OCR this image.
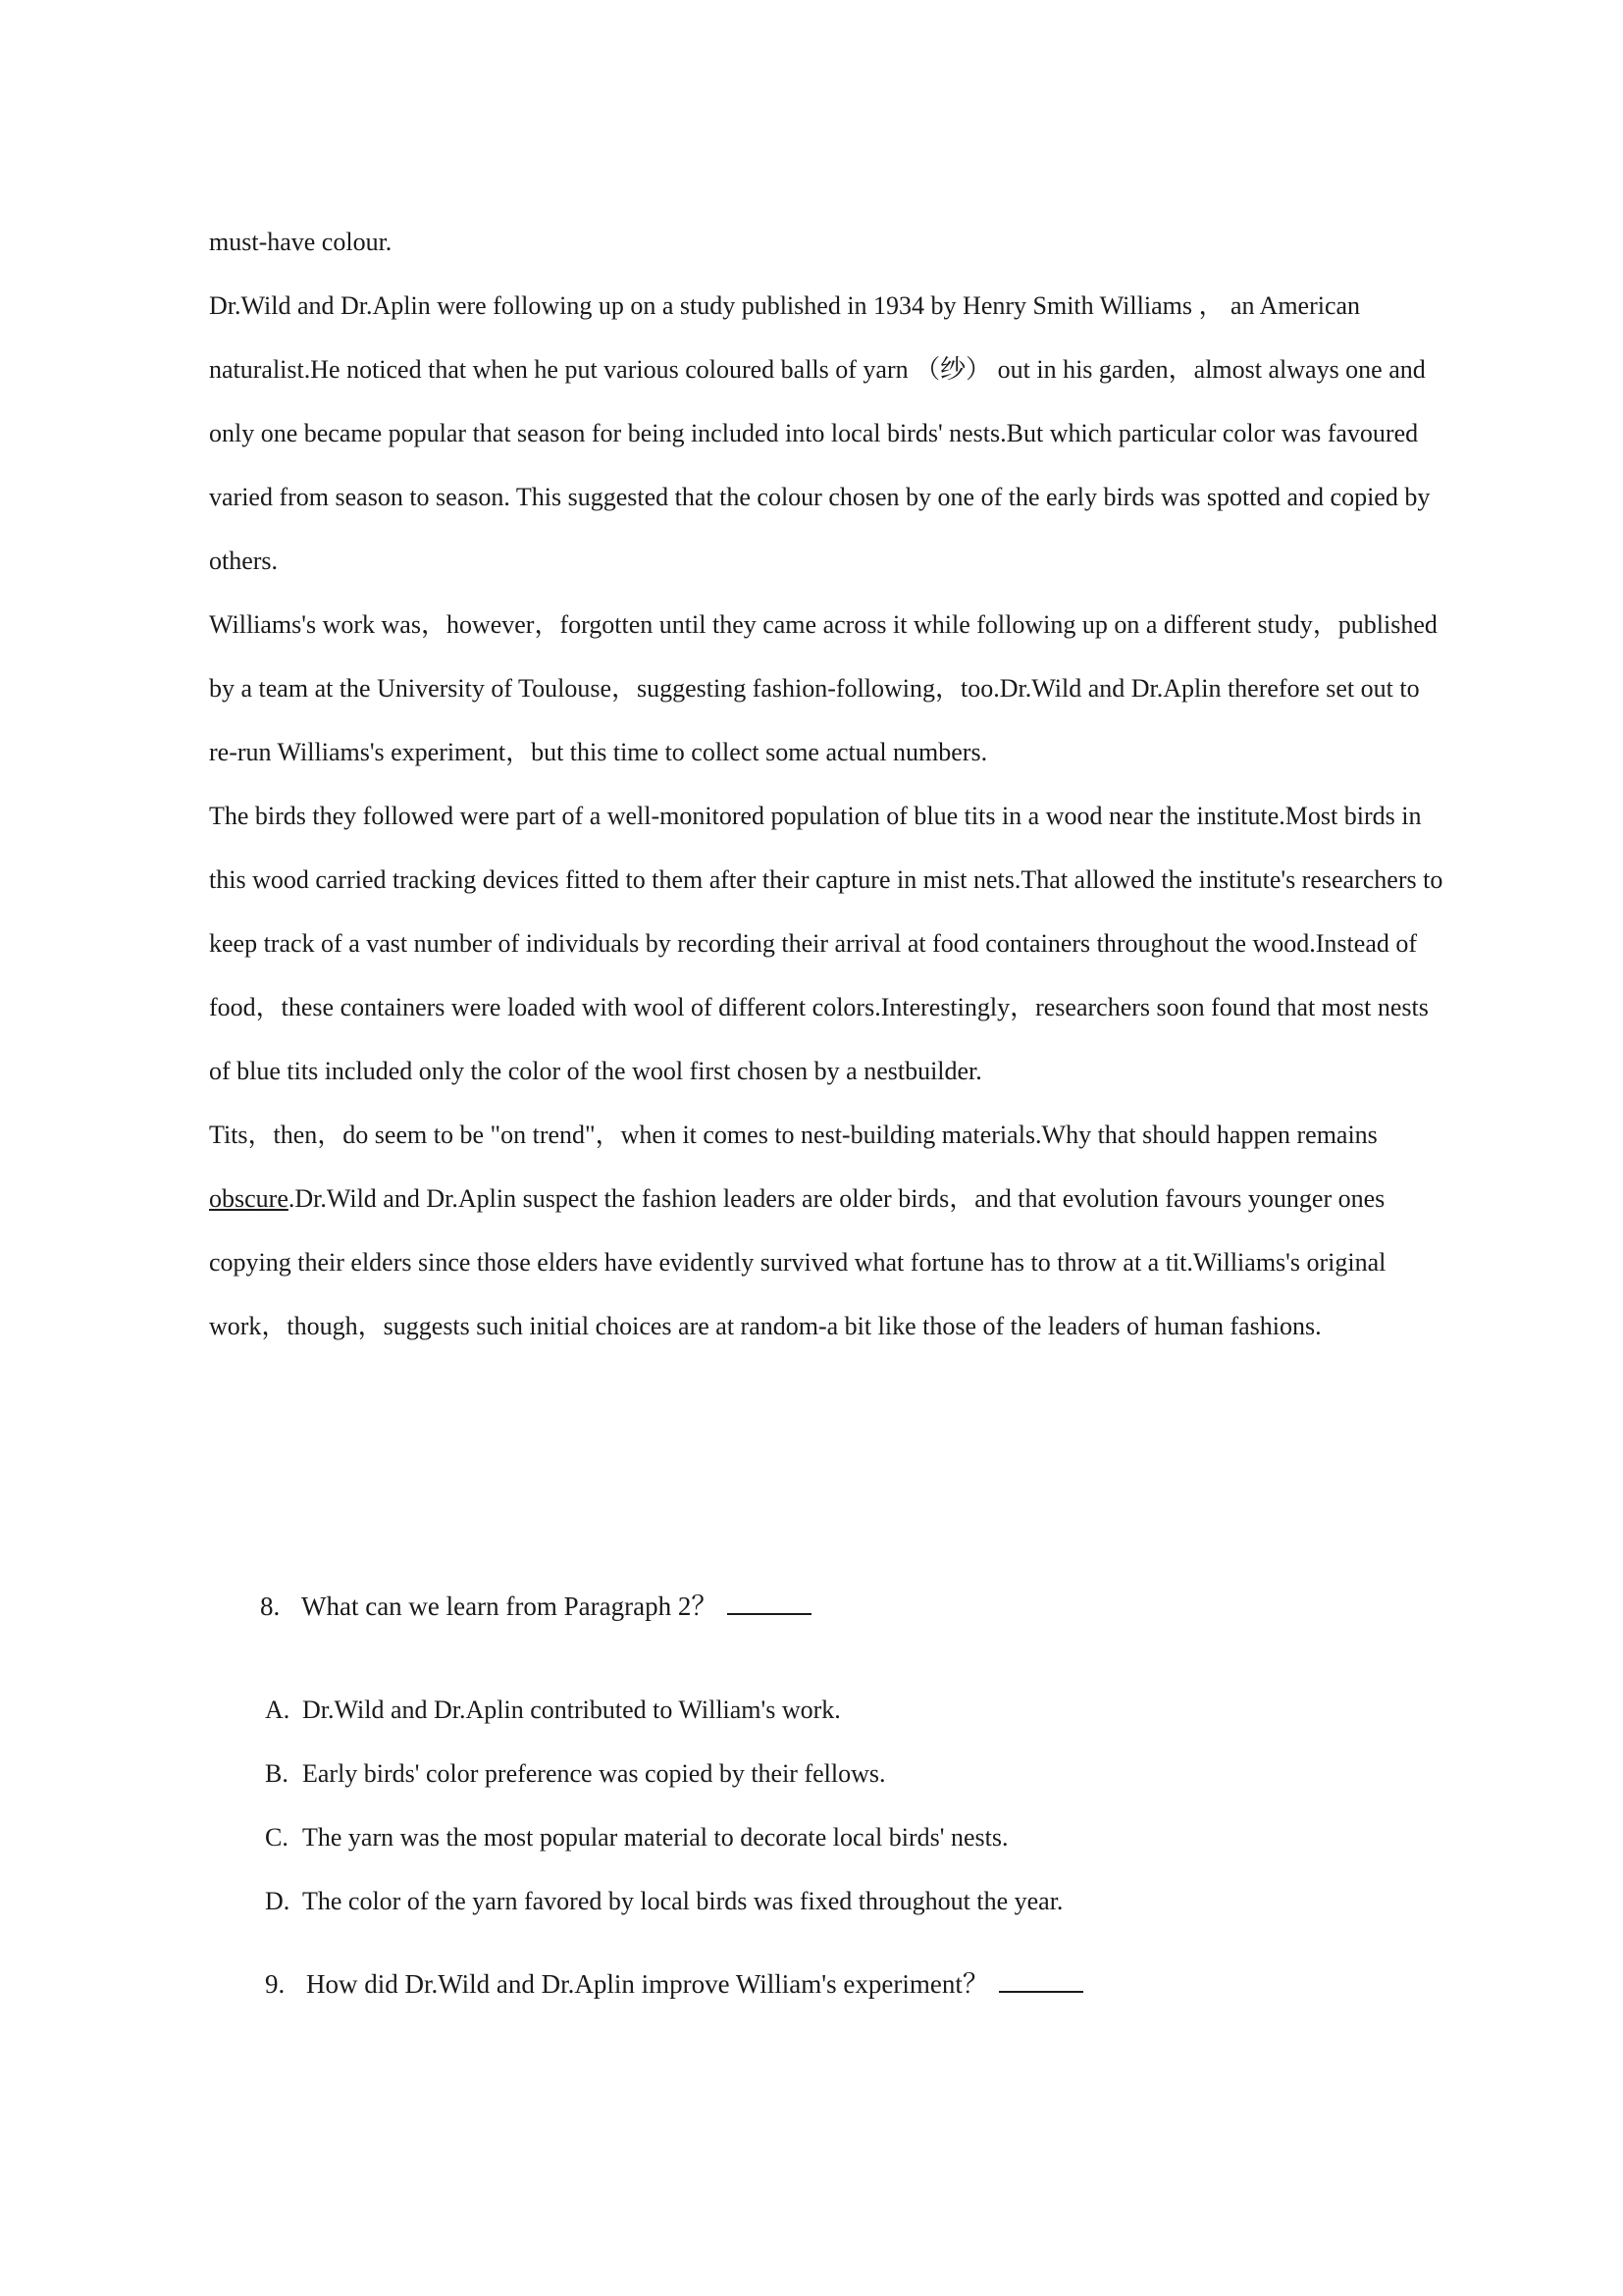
must-have colour.

Dr.Wild and Dr.Aplin were following up on a study published in 1934 by Henry Smith Williams ， an American naturalist.He noticed that when he put various coloured balls of yarn （纱） out in his garden，almost always one and only one became popular that season for being included into local birds' nests.But which particular color was favoured varied from season to season. This suggested that the colour chosen by one of the early birds was spotted and copied by others.

Williams's work was，however，forgotten until they came across it while following up on a different study，published by a team at the University of Toulouse，suggesting fashion-following，too.Dr.Wild and Dr.Aplin therefore set out to re-run Williams's experiment，but this time to collect some actual numbers.

The birds they followed were part of a well-monitored population of blue tits in a wood near the institute.Most birds in this wood carried tracking devices fitted to them after their capture in mist nets.That allowed the institute's researchers to keep track of a vast number of individuals by recording their arrival at food containers throughout the wood.Instead of food，these containers were loaded with wool of different colors.Interestingly，researchers soon found that most nests of blue tits included only the color of the wool first chosen by a nestbuilder.

Tits，then，do seem to be "on trend"，when it comes to nest-building materials.Why that should happen remains obscure.Dr.Wild and Dr.Aplin suspect the fashion leaders are older birds，and that evolution favours younger ones copying their elders since those elders have evidently survived what fortune has to throw at a tit.Williams's original work，though，suggests such initial choices are at random-a bit like those of the leaders of human fashions.

8. What can we learn from Paragraph 2？
A. Dr.Wild and Dr.Aplin contributed to William's work.
B. Early birds' color preference was copied by their fellows.
C. The yarn was the most popular material to decorate local birds' nests.
D. The color of the yarn favored by local birds was fixed throughout the year.
9. How did Dr.Wild and Dr.Aplin improve William's experiment？
